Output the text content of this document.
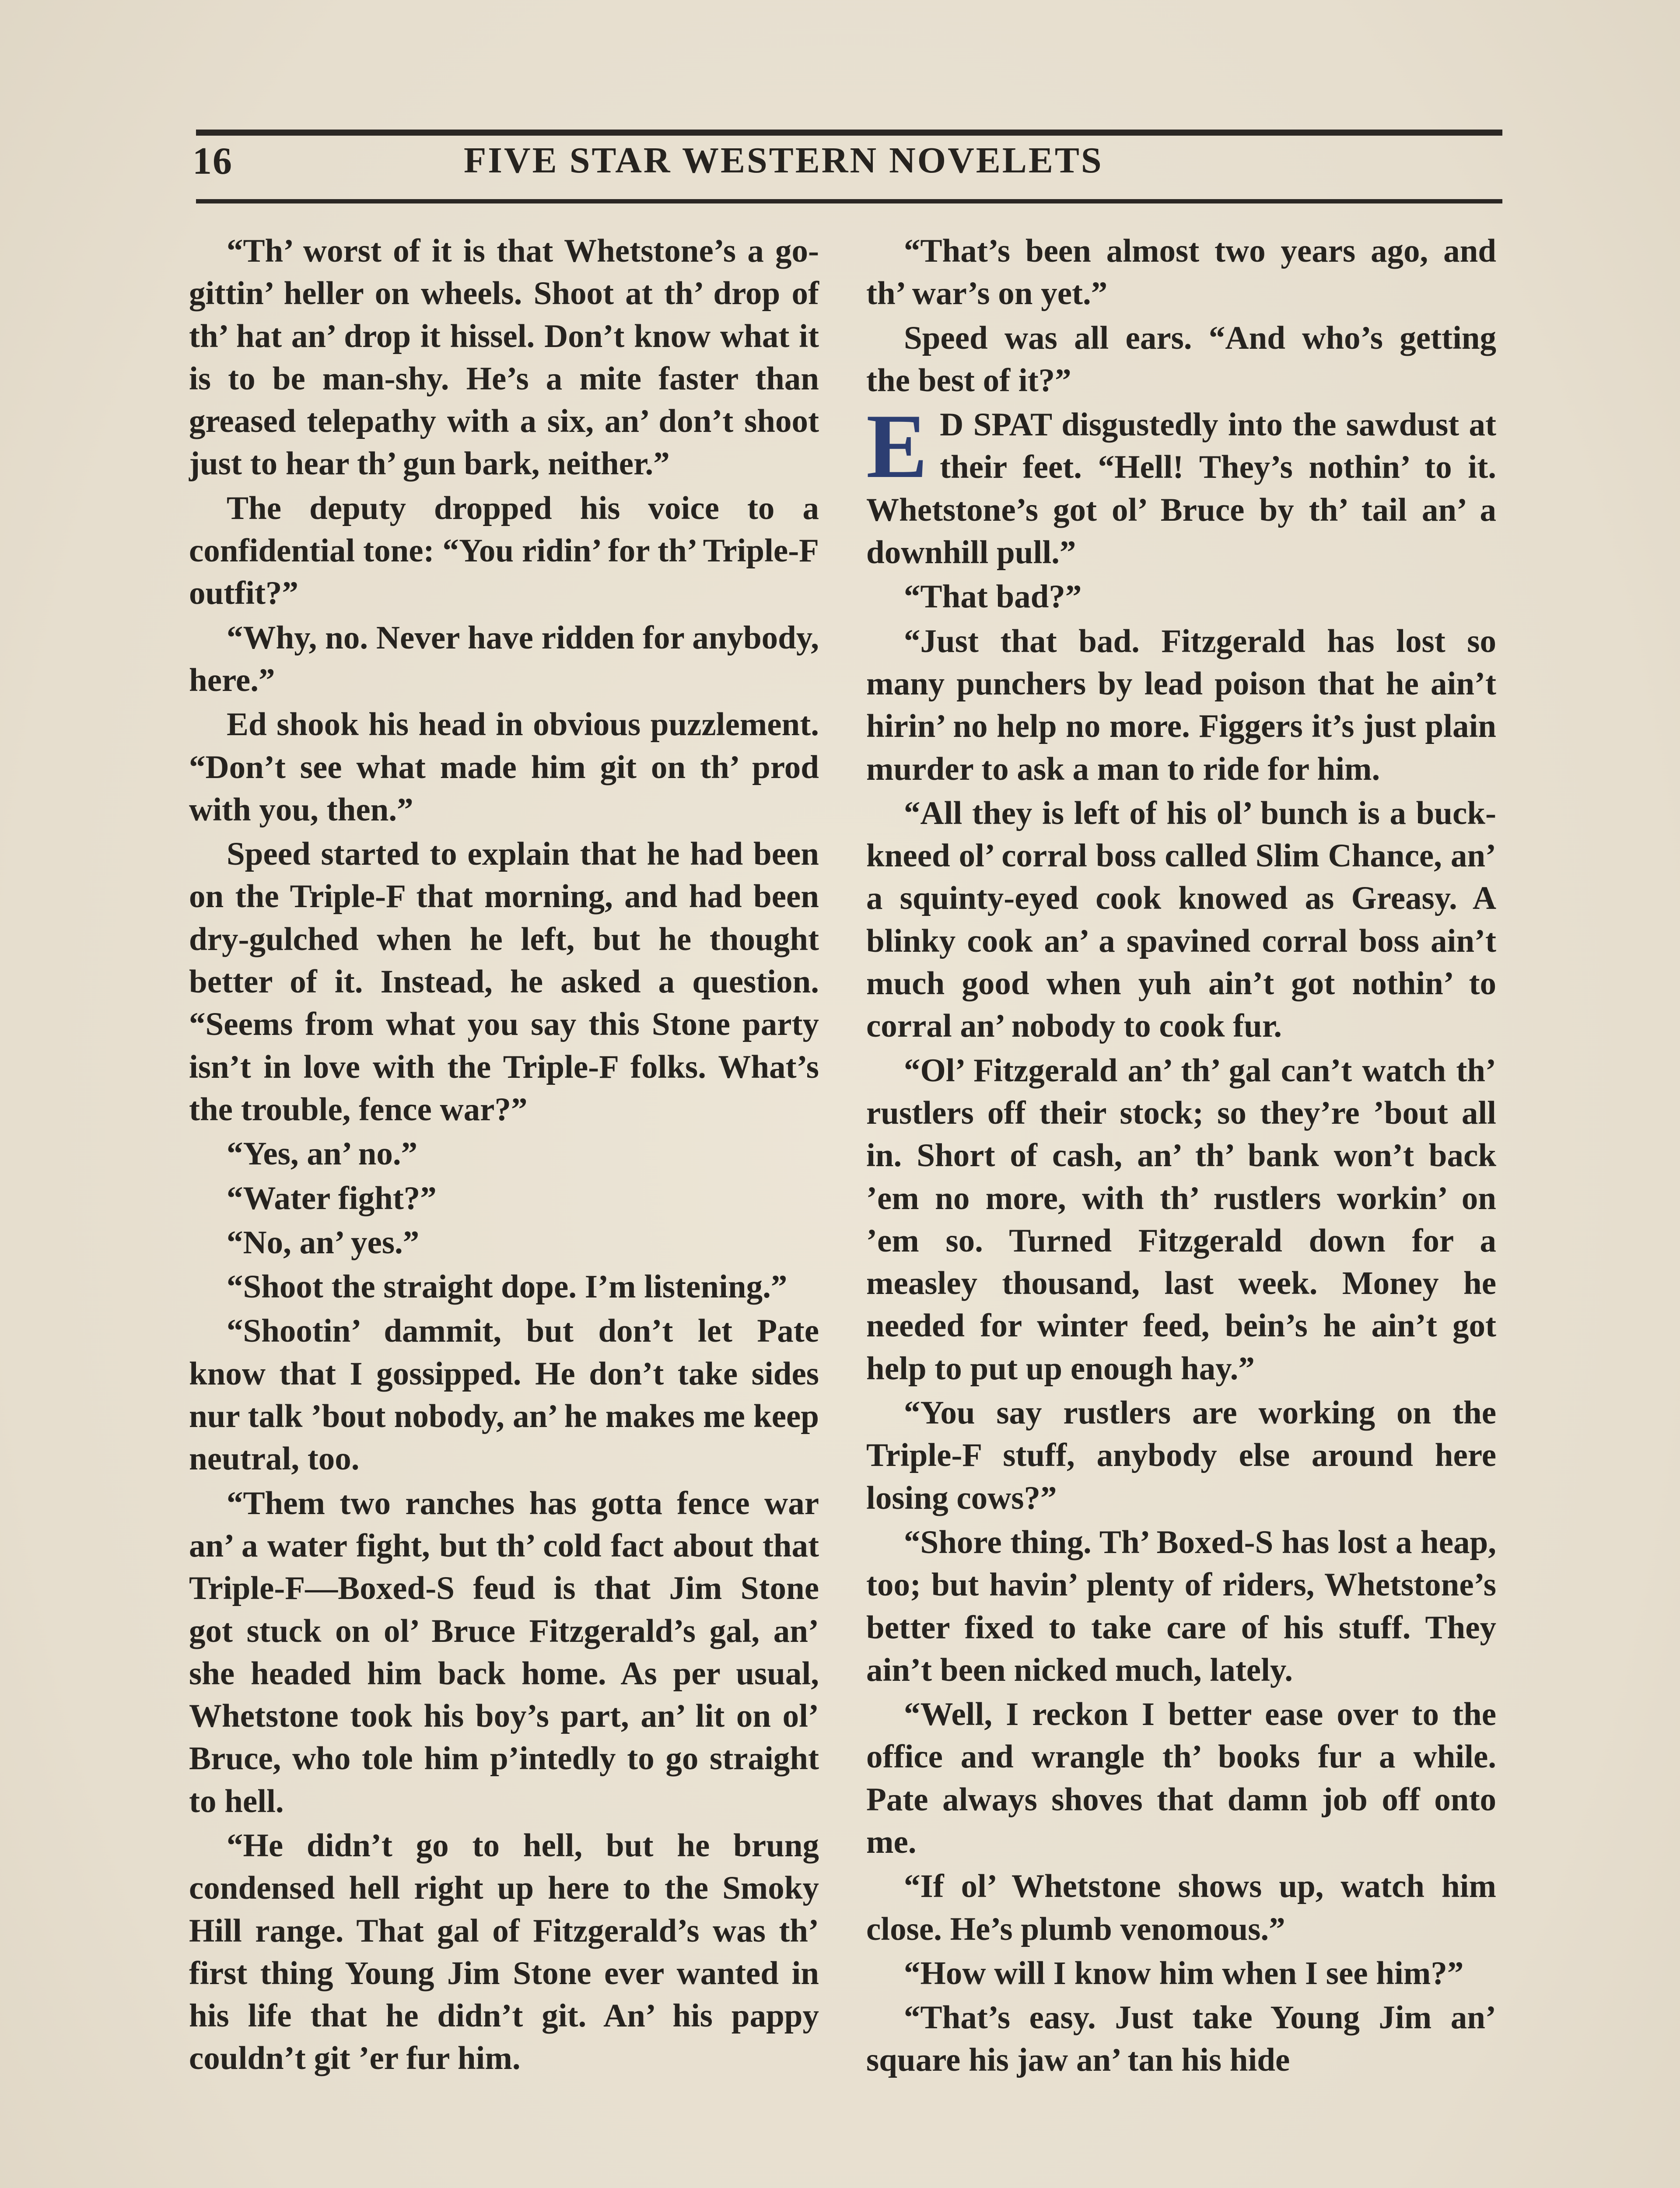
16	FIVE STAR WESTERN NOVELETS

“Th’ worst of it is that Whetstone’s a go-gittin’ heller on wheels. Shoot at th’ drop of th’ hat an’ drop it hissel. Don’t know what it is to be man-shy. He’s a mite faster than greased telepathy with a six, an’ don’t shoot just to hear th’ gun bark, neither.”

The deputy dropped his voice to a confidential tone: “You ridin’ for th’ Triple-F outfit?”

“Why, no. Never have ridden for anybody, here.”

Ed shook his head in obvious puzzlement. “Don’t see what made him git on th’ prod with you, then.”

Speed started to explain that he had been on the Triple-F that morning, and had been dry-gulched when he left, but he thought better of it. Instead, he asked a question. “Seems from what you say this Stone party isn’t in love with the Triple-F folks. What’s the trouble, fence war?”

“Yes, an’ no.”

“Water fight?”

“No, an’ yes.”

“Shoot the straight dope. I’m listening.”

“Shootin’ dammit, but don’t let Pate know that I gossipped. He don’t take sides nur talk ’bout nobody, an’ he makes me keep neutral, too.

“Them two ranches has gotta fence war an’ a water fight, but th’ cold fact about that Triple-F—Boxed-S feud is that Jim Stone got stuck on ol’ Bruce Fitzgerald’s gal, an’ she headed him back home. As per usual, Whetstone took his boy’s part, an’ lit on ol’ Bruce, who tole him p’intedly to go straight to hell.

“He didn’t go to hell, but he brung condensed hell right up here to the Smoky Hill range. That gal of Fitzgerald’s was th’ first thing Young Jim Stone ever wanted in his life that he didn’t git. An’ his pappy couldn’t git ’er fur him.

“That’s been almost two years ago, and th’ war’s on yet.”

Speed was all ears. “And who’s getting the best of it?”

E D SPAT disgustedly into the sawdust at their feet. “Hell! They’s nothin’ to it. Whetstone’s got ol’ Bruce by th’ tail an’ a downhill pull.”

“That bad?”

“Just that bad. Fitzgerald has lost so many punchers by lead poison that he ain’t hirin’ no help no more. Figgers it’s just plain murder to ask a man to ride for him.

“All they is left of his ol’ bunch is a buck-kneed ol’ corral boss called Slim Chance, an’ a squinty-eyed cook knowed as Greasy. A blinky cook an’ a spavined corral boss ain’t much good when yuh ain’t got nothin’ to corral an’ nobody to cook fur.

“Ol’ Fitzgerald an’ th’ gal can’t watch th’ rustlers off their stock; so they’re ’bout all in. Short of cash, an’ th’ bank won’t back ’em no more, with th’ rustlers workin’ on ’em so. Turned Fitzgerald down for a measley thousand, last week. Money he needed for winter feed, bein’s he ain’t got help to put up enough hay.”

“You say rustlers are working on the Triple-F stuff, anybody else around here losing cows?”

“Shore thing. Th’ Boxed-S has lost a heap, too; but havin’ plenty of riders, Whetstone’s better fixed to take care of his stuff. They ain’t been nicked much, lately.

“Well, I reckon I better ease over to the office and wrangle th’ books fur a while. Pate always shoves that damn job off onto me.

“If ol’ Whetstone shows up, watch him close. He’s plumb venomous.”

“How will I know him when I see him?”

“That’s easy. Just take Young Jim an’ square his jaw an’ tan his hide
